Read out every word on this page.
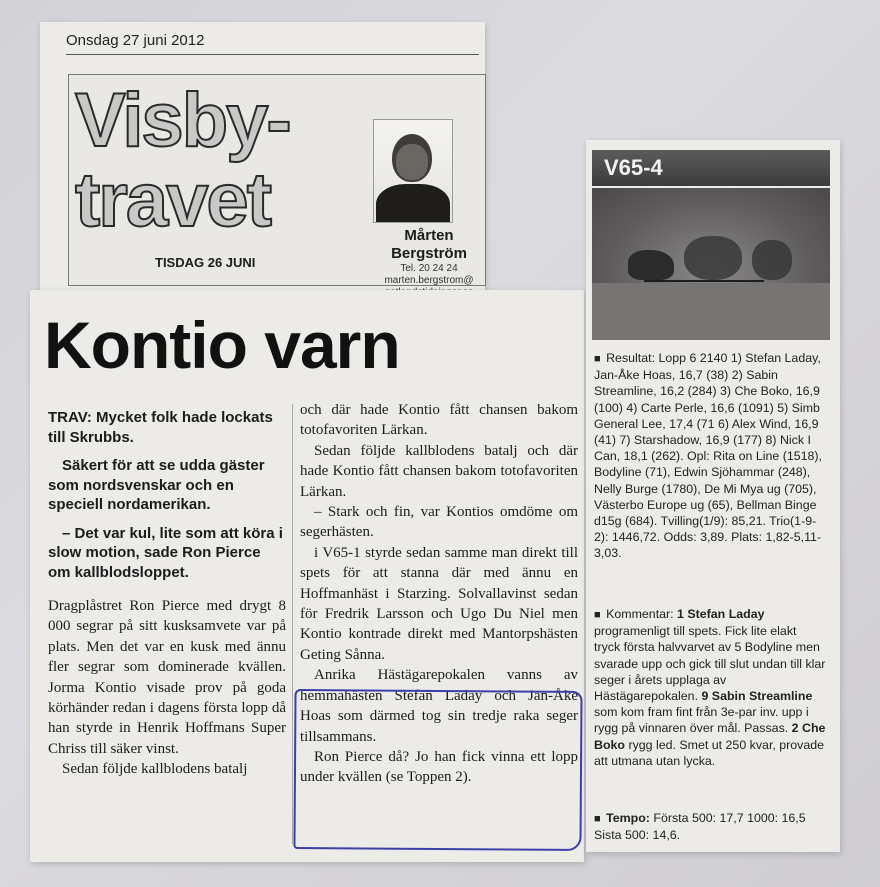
Onsdag 27 juni 2012
Visby-
travet
TISDAG 26 JUNI
Mårten
Bergström
Tel. 20 24 24
marten.bergstrom@
Kontio varn

TRAV: Mycket folk hade lockats till Skrubbs.

Säkert för att se udda gäster som nordsvenskar och en speciell nordamerikan.

– Det var kul, lite som att köra i slow motion, sade Ron Pierce om kallblodsloppet.

Dragplåstret Ron Pierce med drygt 8 000 segrar på sitt kusksamvete var på plats. Men det var en kusk med ännu fler segrar som dominerade kvällen. Jorma Kontio visade prov på goda körhänder redan i dagens första lopp då han styrde in Henrik Hoffmans Super Chriss till säker vinst.

Sedan följde kallblodens batalj

och där hade Kontio fått chansen bakom totofavoriten Lärkan.

Sedan följde kallblodens batalj och där hade Kontio fått chansen bakom totofavoriten Lärkan.

– Stark och fin, var Kontios omdöme om segerhästen.

i V65-1 styrde sedan samme man direkt till spets för att stanna där med ännu en Hoffmanhäst i Starzing. Solvallavinst sedan för Fredrik Larsson och Ugo Du Niel men Kontio kontrade direkt med Mantorpshästen Geting Sånna.

Anrika Hästägarepokalen vanns av hemmahästen Stefan Laday och Jan-Åke Hoas som därmed tog sin tredje raka seger tillsammans.

Ron Pierce då? Jo han fick vinna ett lopp under kvällen (se Toppen 2).

V65-4
■ Resultat: Lopp 6 2140 1) Stefan Laday, Jan-Åke Hoas, 16,7 (38) 2) Sabin Streamline, 16,2 (284) 3) Che Boko, 16,9 (100) 4) Carte Perle, 16,6 (1091) 5) Simb General Lee, 17,4 (71 6) Alex Wind, 16,9 (41) 7) Starshadow, 16,9 (177) 8) Nick I Can, 18,1 (262). Opl: Rita on Line (1518), Bodyline (71), Edwin Sjöhammar (248), Nelly Burge (1780), De Mi Mya ug (705), Västerbo Europe ug (65), Bellman Binge d15g (684). Tvilling(1/9): 85,21. Trio(1-9-2): 1446,72. Odds: 3,89. Plats: 1,82-5,11-3,03.
■ Kommentar: 1 Stefan Laday programenligt till spets. Fick lite elakt tryck första halvvarvet av 5 Bodyline men svarade upp och gick till slut undan till klar seger i årets upplaga av Hästägarepokalen. 9 Sabin Streamline som kom fram fint från 3e-par inv. upp i rygg på vinnaren över mål. Passas. 2 Che Boko rygg led. Smet ut 250 kvar, provade att utmana utan lycka.
■ Tempo: Första 500: 17,7 1000: 16,5 Sista 500: 14,6.
